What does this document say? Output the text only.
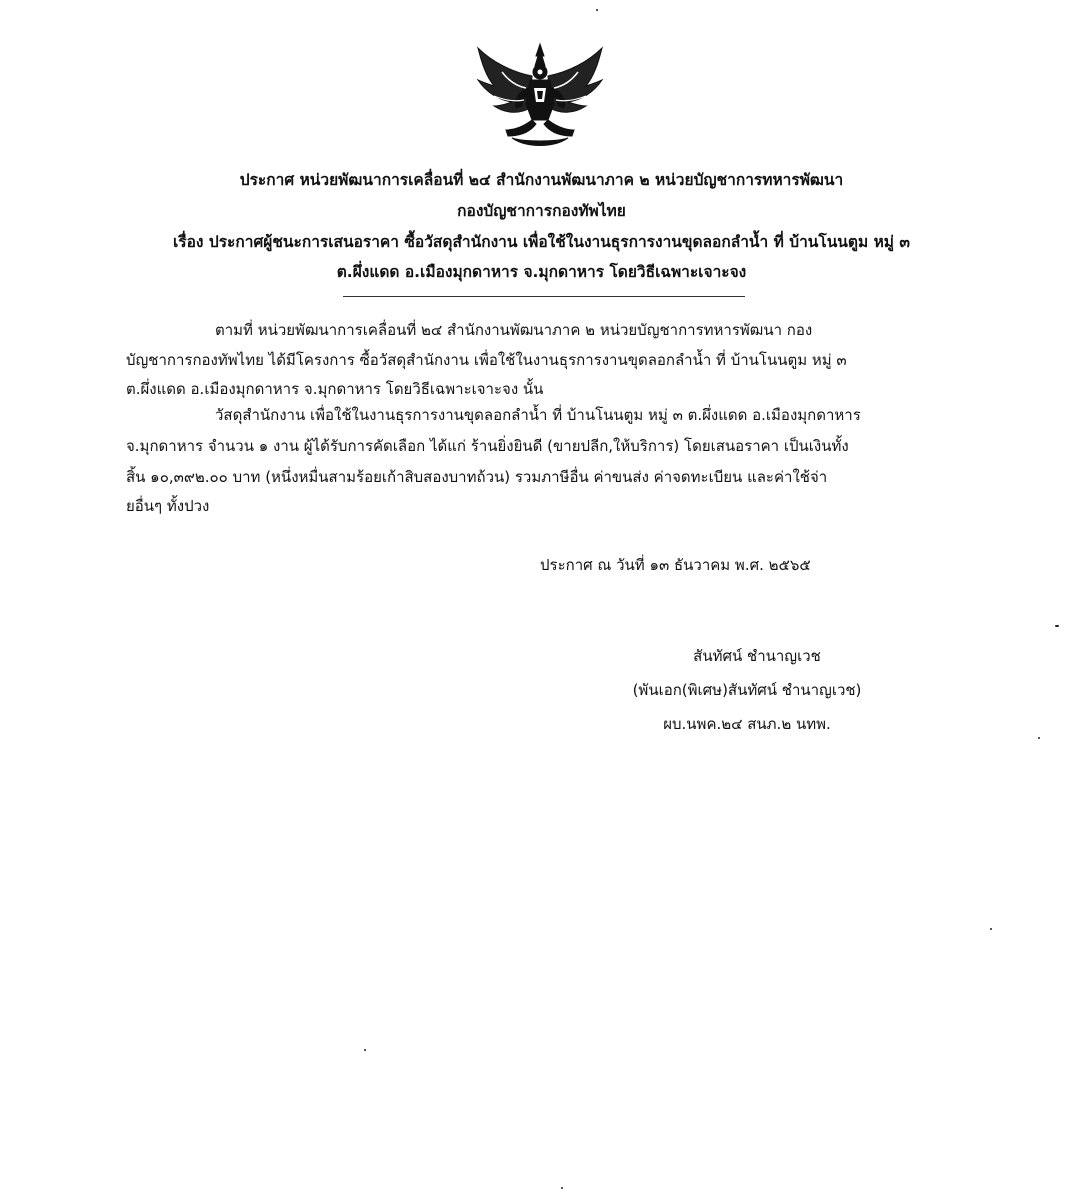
ประกาศ หน่วยพัฒนาการเคลื่อนที่ ๒๔ สำนักงานพัฒนาภาค ๒ หน่วยบัญชาการทหารพัฒนา
กองบัญชาการกองทัพไทย
เรื่อง ประกาศผู้ชนะการเสนอราคา ซื้อวัสดุสำนักงาน เพื่อใช้ในงานธุรการงานขุดลอกลำน้ำ ที่ บ้านโนนตูม หมู่ ๓
ต.ผึ่งแดด อ.เมืองมุกดาหาร จ.มุกดาหาร โดยวิธีเฉพาะเจาะจง
ตามที่ หน่วยพัฒนาการเคลื่อนที่ ๒๔ สำนักงานพัฒนาภาค ๒ หน่วยบัญชาการทหารพัฒนา กอง
บัญชาการกองทัพไทย ได้มีโครงการ ซื้อวัสดุสำนักงาน เพื่อใช้ในงานธุรการงานขุดลอกลำน้ำ ที่ บ้านโนนตูม หมู่ ๓
ต.ผึ่งแดด อ.เมืองมุกดาหาร จ.มุกดาหาร โดยวิธีเฉพาะเจาะจง นั้น
วัสดุสำนักงาน เพื่อใช้ในงานธุรการงานขุดลอกลำน้ำ ที่ บ้านโนนตูม หมู่ ๓ ต.ผึ่งแดด อ.เมืองมุกดาหาร
จ.มุกดาหาร จำนวน ๑ งาน ผู้ได้รับการคัดเลือก ได้แก่ ร้านยิ่งยินดี (ขายปลีก,ให้บริการ) โดยเสนอราคา เป็นเงินทั้ง
สิ้น ๑๐,๓๙๒.๐๐ บาท (หนึ่งหมื่นสามร้อยเก้าสิบสองบาทถ้วน) รวมภาษีอื่น ค่าขนส่ง ค่าจดทะเบียน และค่าใช้จ่า
ยอื่นๆ ทั้งปวง
ประกาศ ณ วันที่ ๑๓ ธันวาคม พ.ศ. ๒๕๖๕
สันทัศน์ ชำนาญเวช
(พันเอก(พิเศษ)สันทัศน์ ชำนาญเวช)
ผบ.นพค.๒๔ สนภ.๒ นทพ.
